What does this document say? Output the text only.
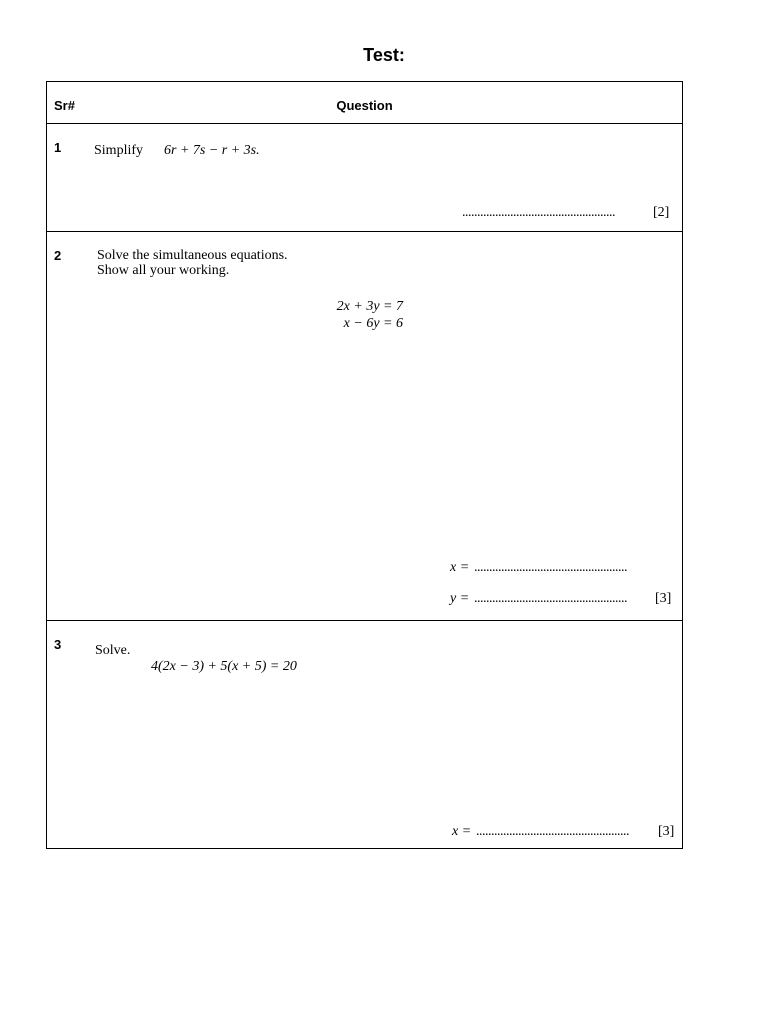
Test:
Sr#	Question
1 Simplify 6r + 7s − r + 3s.
...................................................	[2]
2	Solve the simultaneous equations.
Show all your working.
2x + 3y = 7
x − 6y = 6
x = ...................................................
y = ................................................... [3]
3 Solve.
4(2x − 3) + 5(x + 5) = 20
x = ................................................... [3]
